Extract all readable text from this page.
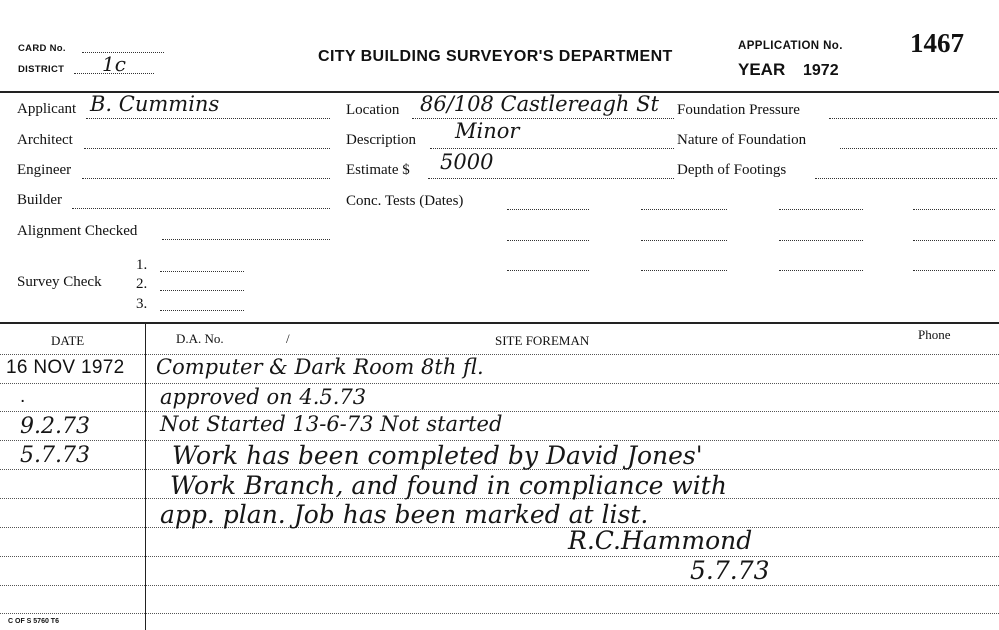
CARD No.
DISTRICT 1c	CITY BUILDING SURVEYOR'S DEPARTMENT
APPLICATION No. 1467
YEAR 1972
Applicant B. Cummins
Architect
Engineer
Builder
Alignment Checked
Survey Check
1.
2.
3.
Location 86/108 Castlereagh St
Description Minor
Estimate $ 5000
Conc. Tests (Dates)
Foundation Pressure
Nature of Foundation
Depth of Footings
DATE	D.A. No.	/	SITE FOREMAN	Phone
16 NOV 1972 Computer & Dark Room 8th fl.
.	approved on 4.5.73
9.2.73	Not Started 13-6-73 Not started
5.7.73	Work has been completed by David Jones'
Work Branch, and found in compliance with
app. plan. Job has been marked at list.
R.C.Hammond
5.7.73
C OF S 5760 T6
